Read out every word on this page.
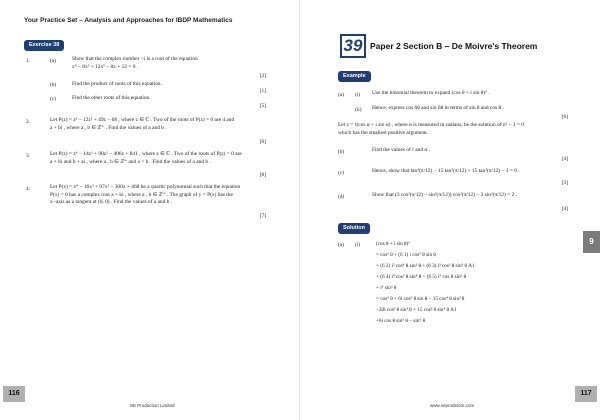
Your Practice Set – Analysis and Approaches for IBDP Mathematics
Exercise 38
1.	(a)	Show that the complex number −i is a root of the equation
x⁴ − 8x³ + 12x² − 8x + 12 = 0 .
[2]
(b)	Find the product of roots of this equation.
[1]
(c)	Find the other roots of this equation.
[5]
2.	Let P(z) = z³ − 12z² + 49z − 68 , where z ∈ ℂ . Two of the roots of P(z) = 0 are 4 and
a + bi , where a , b ∈ ℤ⁺ . Find the values of a and b .
[6]
3.	Let P(z) = z⁴ − 14z³ + 98z² − 406z + 841 , where z ∈ ℂ . Two of the roots of P(z) = 0 are
a + bi and b + ai , where a , b ∈ ℤ⁺ and a > b . Find the values of a and b .
[8]
4.	Let P(x) = x⁴ − 16x³ + 97x² − 300x + 468 be a quartic polynomial such that the equation
P(x) = 0 has a complex root a + bi , where a , b ∈ ℤ⁺ . The graph of y = P(x) has the
x -axis as a tangent at (6, 0) . Find the values of a and b .
[7]
116
SE Production Limited
39 Paper 2 Section B – De Moivre's Theorem
Example
(a) (i) Use the binomial theorem to expand (cos θ + i sin θ)⁶ .
(ii) Hence, express cos 6θ and sin 6θ in terms of sin θ and cos θ .
[6]
Let z = r(cos α + i sin α) , where α is measured in radians, be the solution of z⁵ − 1 = 0
which has the smallest positive argument.
(b)	Find the values of r and α .
[4]
(c)	Hence, show that tan⁴(π/12) − 15 tan²(π/12) + 15 tan²(π/12) − 1 = 0 .
[3]
(d)	Show that (3 cos²(π/12) − sin²(π/12)) cos²(π/12) − 3 sin²(π/12) = 2 .
[4]
Solution
(a) (i)	(cos θ + i sin θ)⁶
= cos⁶ θ + (6 1) i cos⁵ θ sin θ
+ (6 2) i² cos⁴ θ sin² θ + (6 3) i³ cos³ θ sin³ θ A1
+ (6 4) i⁴ cos² θ sin⁴ θ + (6 5) i⁵ cos θ sin⁵ θ
+ i⁶ sin⁶ θ
= cos⁶ θ + 6i cos⁵ θ sin θ − 15 cos⁴ θ sin² θ
−20i cos³ θ sin³ θ + 15 cos² θ sin⁴ θ A1
+6i cos θ sin⁵ θ − sin⁶ θ
117
www.seprodstore.com
9
